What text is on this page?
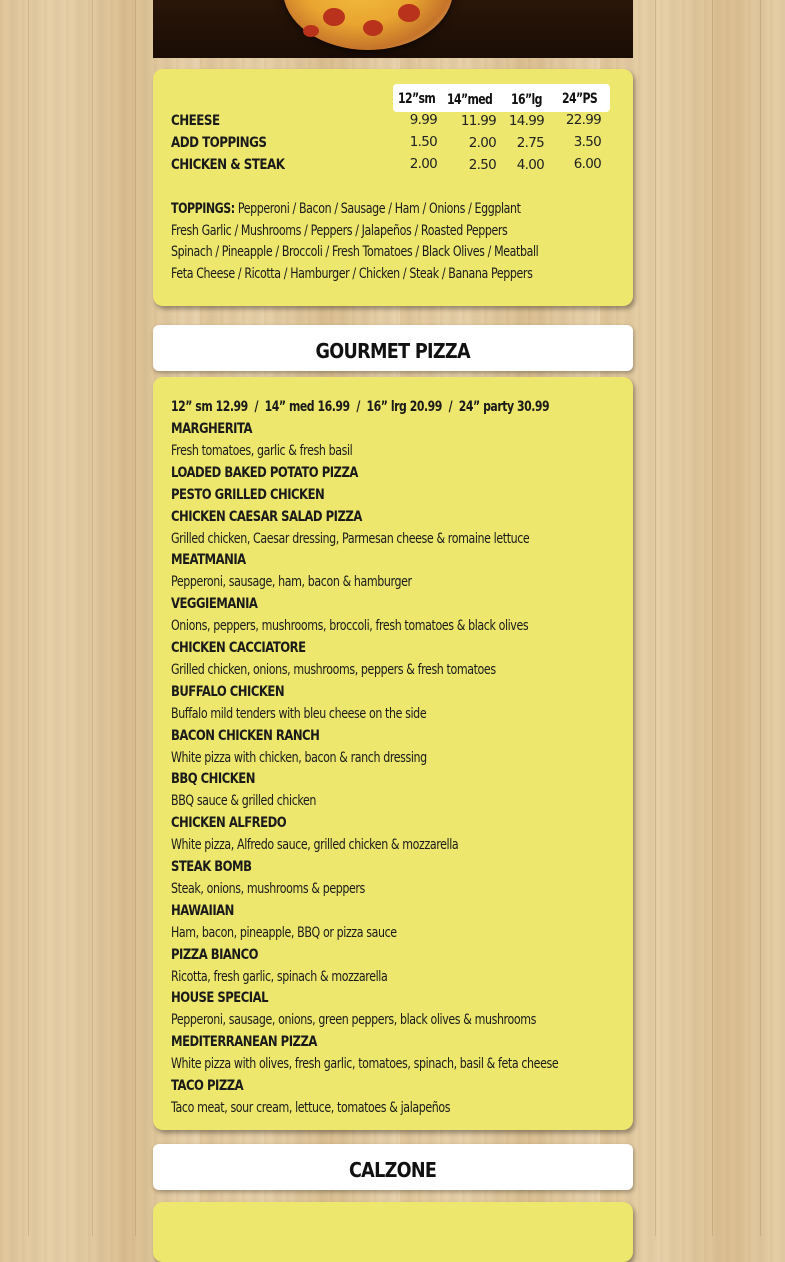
12”sm 14”med 16”lg 24”PS
CHEESE	9.99	11.99 14.99	22.99
ADD TOPPINGS	1.50	2.00	2.75	3.50
CHICKEN & STEAK	2.00	2.50	4.00	6.00
TOPPINGS: Pepperoni / Bacon / Sausage / Ham / Onions / Eggplant
Fresh Garlic / Mushrooms / Peppers / Jalapeños / Roasted Peppers
Spinach / Pineapple / Broccoli / Fresh Tomatoes / Black Olives / Meatball
Feta Cheese / Ricotta / Hamburger / Chicken / Steak / Banana Peppers
GOURMET PIZZA
12” sm 12.99  /  14” med 16.99  /  16” lrg 20.99  /  24” party 30.99
MARGHERITA
Fresh tomatoes, garlic & fresh basil
LOADED BAKED POTATO PIZZA
PESTO GRILLED CHICKEN
CHICKEN CAESAR SALAD PIZZA
Grilled chicken, Caesar dressing, Parmesan cheese & romaine lettuce
MEATMANIA
Pepperoni, sausage, ham, bacon & hamburger
VEGGIEMANIA
Onions, peppers, mushrooms, broccoli, fresh tomatoes & black olives
CHICKEN CACCIATORE
Grilled chicken, onions, mushrooms, peppers & fresh tomatoes
BUFFALO CHICKEN
Buffalo mild tenders with bleu cheese on the side
BACON CHICKEN RANCH
White pizza with chicken, bacon & ranch dressing
BBQ CHICKEN
BBQ sauce & grilled chicken
CHICKEN ALFREDO
White pizza, Alfredo sauce, grilled chicken & mozzarella
STEAK BOMB
Steak, onions, mushrooms & peppers
HAWAIIAN
Ham, bacon, pineapple, BBQ or pizza sauce
PIZZA BIANCO
Ricotta, fresh garlic, spinach & mozzarella
HOUSE SPECIAL
Pepperoni, sausage, onions, green peppers, black olives & mushrooms
MEDITERRANEAN PIZZA
White pizza with olives, fresh garlic, tomatoes, spinach, basil & feta cheese
TACO PIZZA
Taco meat, sour cream, lettuce, tomatoes & jalapeños
CALZONE
